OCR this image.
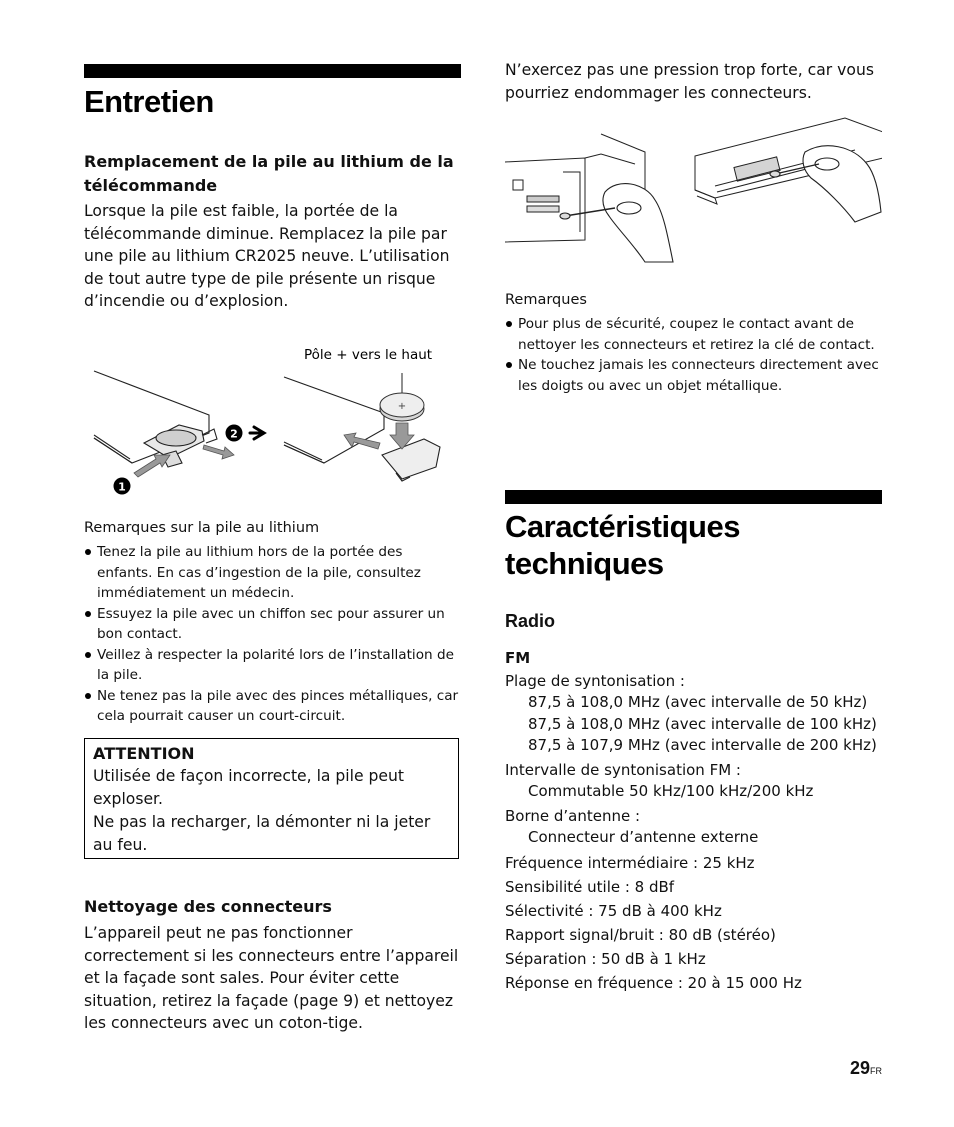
Entretien
Remplacement de la pile au lithium de la télécommande

Lorsque la pile est faible, la portée de la télécommande diminue. Remplacez la pile par une pile au lithium CR2025 neuve. L’utilisation de tout autre type de pile présente un risque d’incendie ou d’explosion.

Pôle + vers le haut
1
2
+
Remarques sur la pile au lithium
Tenez la pile au lithium hors de la portée des enfants. En cas d’ingestion de la pile, consultez immédiatement un médecin.
Essuyez la pile avec un chiffon sec pour assurer un bon contact.
Veillez à respecter la polarité lors de l’installation de la pile.
Ne tenez pas la pile avec des pinces métalliques, car cela pourrait causer un court-circuit.

ATTENTION

Utilisée de façon incorrecte, la pile peut exploser.

Ne pas la recharger, la démonter ni la jeter au feu.

Nettoyage des connecteurs

L’appareil peut ne pas fonctionner correctement si les connecteurs entre l’appareil et la façade sont sales. Pour éviter cette situation, retirez la façade (page 9) et nettoyez les connecteurs avec un coton-tige.

N’exercez pas une pression trop forte, car vous pourriez endommager les connecteurs.

Remarques
Pour plus de sécurité, coupez le contact avant de nettoyer les connecteurs et retirez la clé de contact.
Ne touchez jamais les connecteurs directement avec les doigts ou avec un objet métallique.
Caractéristiques
techniques
Radio

FM

Plage de syntonisation :

87,5 à 108,0 MHz (avec intervalle de 50 kHz)

87,5 à 108,0 MHz (avec intervalle de 100 kHz)

87,5 à 107,9 MHz (avec intervalle de 200 kHz)

Intervalle de syntonisation FM :

Commutable 50 kHz/100 kHz/200 kHz

Borne d’antenne :

Connecteur d’antenne externe

Fréquence intermédiaire : 25 kHz

Sensibilité utile : 8 dBf

Sélectivité : 75 dB à 400 kHz

Rapport signal/bruit : 80 dB (stéréo)

Séparation : 50 dB à 1 kHz

Réponse en fréquence : 20 à 15 000 Hz

29FR
